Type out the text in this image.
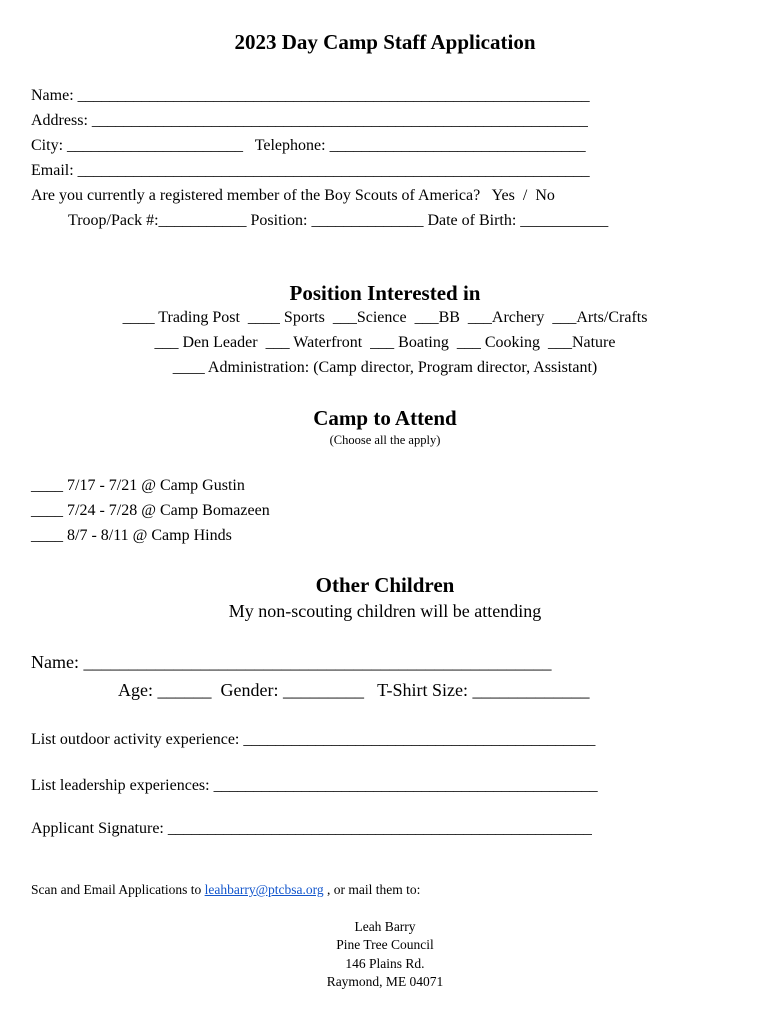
2023 Day Camp Staff Application
Name: ________________________________________________________________
Address: ______________________________________________________________
City: ______________________   Telephone: ________________________________
Email: ________________________________________________________________
Are you currently a registered member of the Boy Scouts of America?   Yes  /  No
Troop/Pack #:___________ Position: ______________ Date of Birth: ___________
Position Interested in
____ Trading Post  ____ Sports  ___Science  ___BB  ___Archery  ___Arts/Crafts
___ Den Leader  ___ Waterfront  ___ Boating  ___ Cooking  ___Nature
____ Administration: (Camp director, Program director, Assistant)
Camp to Attend
(Choose all the apply)
____ 7/17 - 7/21 @ Camp Gustin
____ 7/24 - 7/28 @ Camp Bomazeen
____ 8/7 - 8/11 @ Camp Hinds
Other Children
My non-scouting children will be attending
Name: ____________________________________________________
Age: ______  Gender: _________   T-Shirt Size: _____________
List outdoor activity experience: ____________________________________________
List leadership experiences: ________________________________________________
Applicant Signature: _____________________________________________________
Scan and Email Applications to leahbarry@ptcbsa.org , or mail them to:
Leah Barry
Pine Tree Council
146 Plains Rd.
Raymond, ME 04071
